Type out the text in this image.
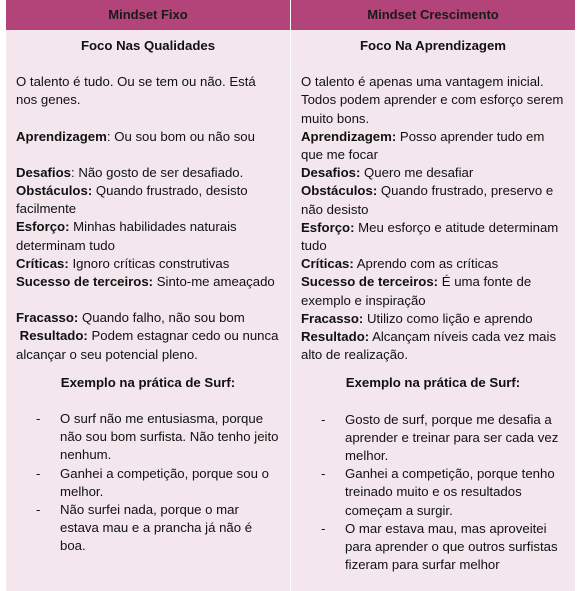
Mindset Fixo
Foco Nas Qualidades

O talento é tudo. Ou se tem ou não. Está nos genes.

Aprendizagem: Ou sou bom ou não sou

Desafios: Não gosto de ser desafiado.

Obstáculos: Quando frustrado, desisto facilmente

Esforço: Minhas habilidades naturais determinam tudo

Críticas: Ignoro críticas construtivas

Sucesso de terceiros: Sinto-me ameaçado

Fracasso: Quando falho, não sou bom

Resultado: Podem estagnar cedo ou nunca alcançar o seu potencial pleno.

Exemplo na prática de Surf:
- O surf não me entusiasma, porque não sou bom surfista. Não tenho jeito nenhum.
- Ganhei a competição, porque sou o melhor.
- Não surfei nada, porque o mar estava mau e a prancha já não é boa.
Mindset Crescimento
Foco Na Aprendizagem

O talento é apenas uma vantagem inicial. Todos podem aprender e com esforço serem muito bons.

Aprendizagem: Posso aprender tudo em que me focar

Desafios: Quero me desafiar

Obstáculos: Quando frustrado, preservo e não desisto

Esforço: Meu esforço e atitude determinam tudo

Críticas: Aprendo com as críticas

Sucesso de terceiros: É uma fonte de exemplo e inspiração

Fracasso: Utilizo como lição e aprendo

Resultado: Alcançam níveis cada vez mais alto de realização.

Exemplo na prática de Surf:
- Gosto de surf, porque me desafia a aprender e treinar para ser cada vez melhor.
- Ganhei a competição, porque tenho treinado muito e os resultados começam a surgir.
- O mar estava mau, mas aproveitei para aprender o que outros surfistas fizeram para surfar melhor
